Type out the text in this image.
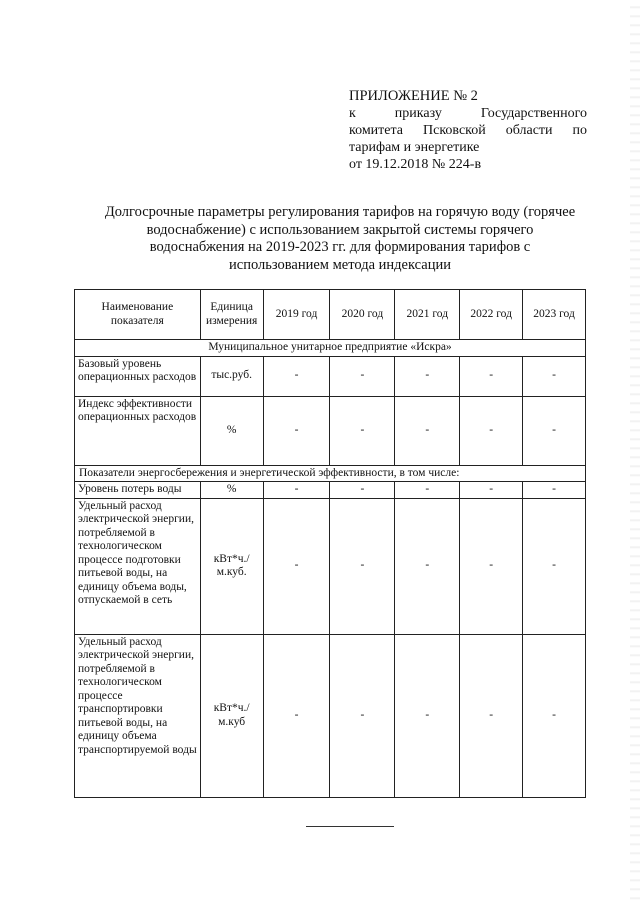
ПРИЛОЖЕНИЕ № 2
к приказу Государственного
комитета Псковской области по
тарифам и энергетике
от 19.12.2018 № 224-в
Долгосрочные параметры регулирования тарифов на горячую воду (горячее водоснабжение) с использованием закрытой системы горячего водоснабжения на 2019-2023 гг. для формирования тарифов с использованием метода индексации
Наименование показателя	Единица измерения	2019 год	2020 год	2021 год	2022 год	2023 год
Муниципальное унитарное предприятие «Искра»						
Базовый уровень операционных расходов	тыс.руб.	-	-	-	-	-
Индекс эффективности операционных расходов	%	-	-	-	-	-
Показатели энергосбережения и энергетической эффективности, в том числе:						
Уровень потерь воды	%	-	-	-	-	-
Удельный расход электрической энергии, потребляемой в технологическом процессе подготовки питьевой воды, на единицу объема воды, отпускаемой в сеть	кВт*ч./м.куб.	-	-	-	-	-
Удельный расход электрической энергии, потребляемой в технологическом процессе транспортировки питьевой воды, на единицу объема транспортируемой воды	кВт*ч./м.куб	-	-	-	-	-
